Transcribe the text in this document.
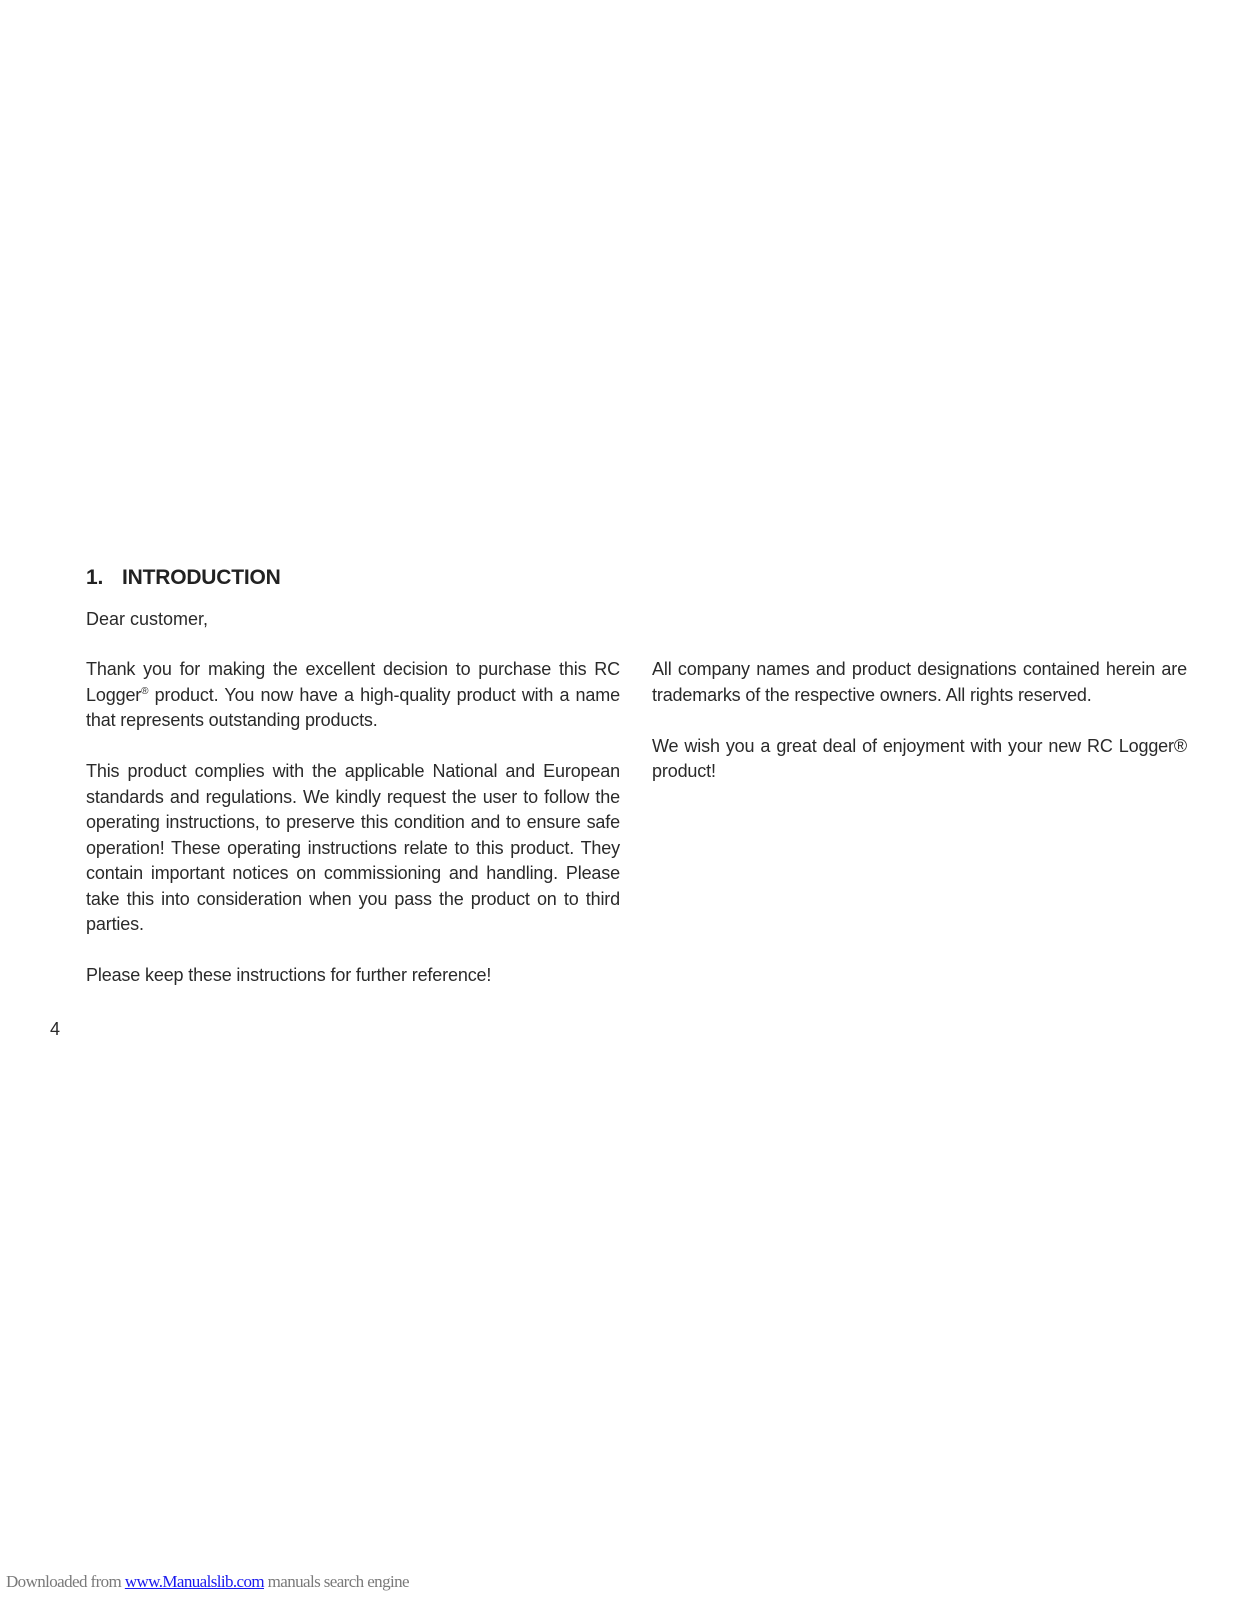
1. INTRODUCTION

Dear customer,

Thank you for making the excellent decision to purchase this RC Logger® product. You now have a high-quality product with a name that represents outstanding products.

This product complies with the applicable National and European standards and regulations. We kindly request the user to follow the operating instructions, to preserve this condition and to ensure safe operation! These operating instructions relate to this product. They contain important notices on commissioning and handling. Please take this into consideration when you pass the product on to third parties.

Please keep these instructions for further reference!

All company names and product designations contained herein are trademarks of the respective owners. All rights reserved.

We wish you a great deal of enjoyment with your new RC Logger® product!

4
Downloaded from www.Manualslib.com manuals search engine
